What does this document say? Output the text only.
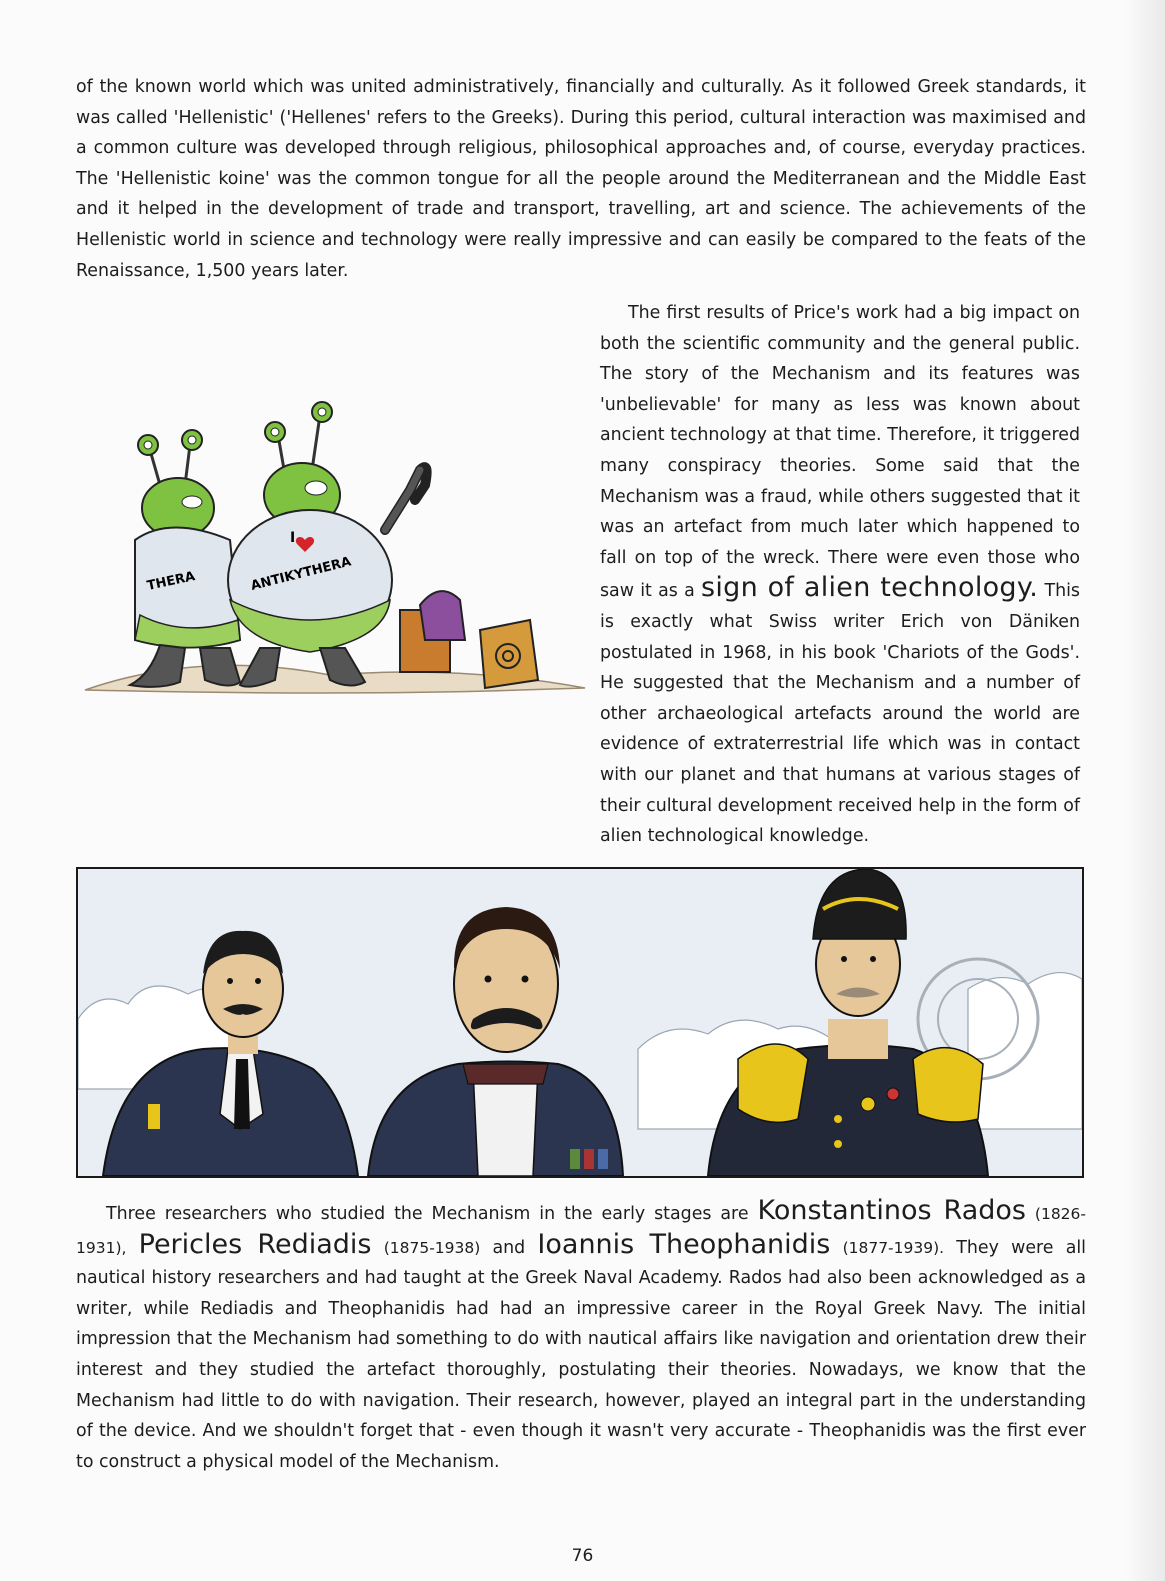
of the known world which was united administratively, financially and culturally. As it followed Greek standards, it was called 'Hellenistic' ('Hellenes' refers to the Greeks). During this period, cultural interaction was maximised and a common culture was developed through religious, philosophical approaches and, of course, everyday practices. The 'Hellenistic koine' was the common tongue for all the people around the Mediterranean and the Middle East and it helped in the development of trade and transport, travelling, art and science. The achievements of the Hellenistic world in science and technology were really impressive and can easily be compared to the feats of the Renaissance, 1,500 years later.

The first results of Price's work had a big impact on both the scientific community and the general public. The story of the Mechanism and its features was 'unbelievable' for many as less was known about ancient technology at that time. Therefore, it triggered many conspiracy theories. Some said that the Mechanism was a fraud, while others suggested that it was an artefact from much later which happened to fall on top of the wreck. There were even those who saw it as a sign of alien technology. This is exactly what Swiss writer Erich von Däniken postulated in 1968, in his book 'Chariots of the Gods'. He suggested that the Mechanism and a number of other archaeological artefacts around the world are evidence of extraterrestrial life which was in contact with our planet and that humans at various stages of their cultural development received help in the form of alien technological knowledge.

THERA
I
ANTIKYTHERA

Three researchers who studied the Mechanism in the early stages are Konstantinos Rados (1826-1931), Pericles Rediadis (1875-1938) and Ioannis Theophanidis (1877-1939). They were all nautical history researchers and had taught at the Greek Naval Academy. Rados had also been acknowledged as a writer, while Rediadis and Theophanidis had had an impressive career in the Royal Greek Navy. The initial impression that the Mechanism had something to do with nautical affairs like navigation and orientation drew their interest and they studied the artefact thoroughly, postulating their theories. Nowadays, we know that the Mechanism had little to do with navigation. Their research, however, played an integral part in the understanding of the device. And we shouldn't forget that - even though it wasn't very accurate - Theophanidis was the first ever to construct a physical model of the Mechanism.

76
